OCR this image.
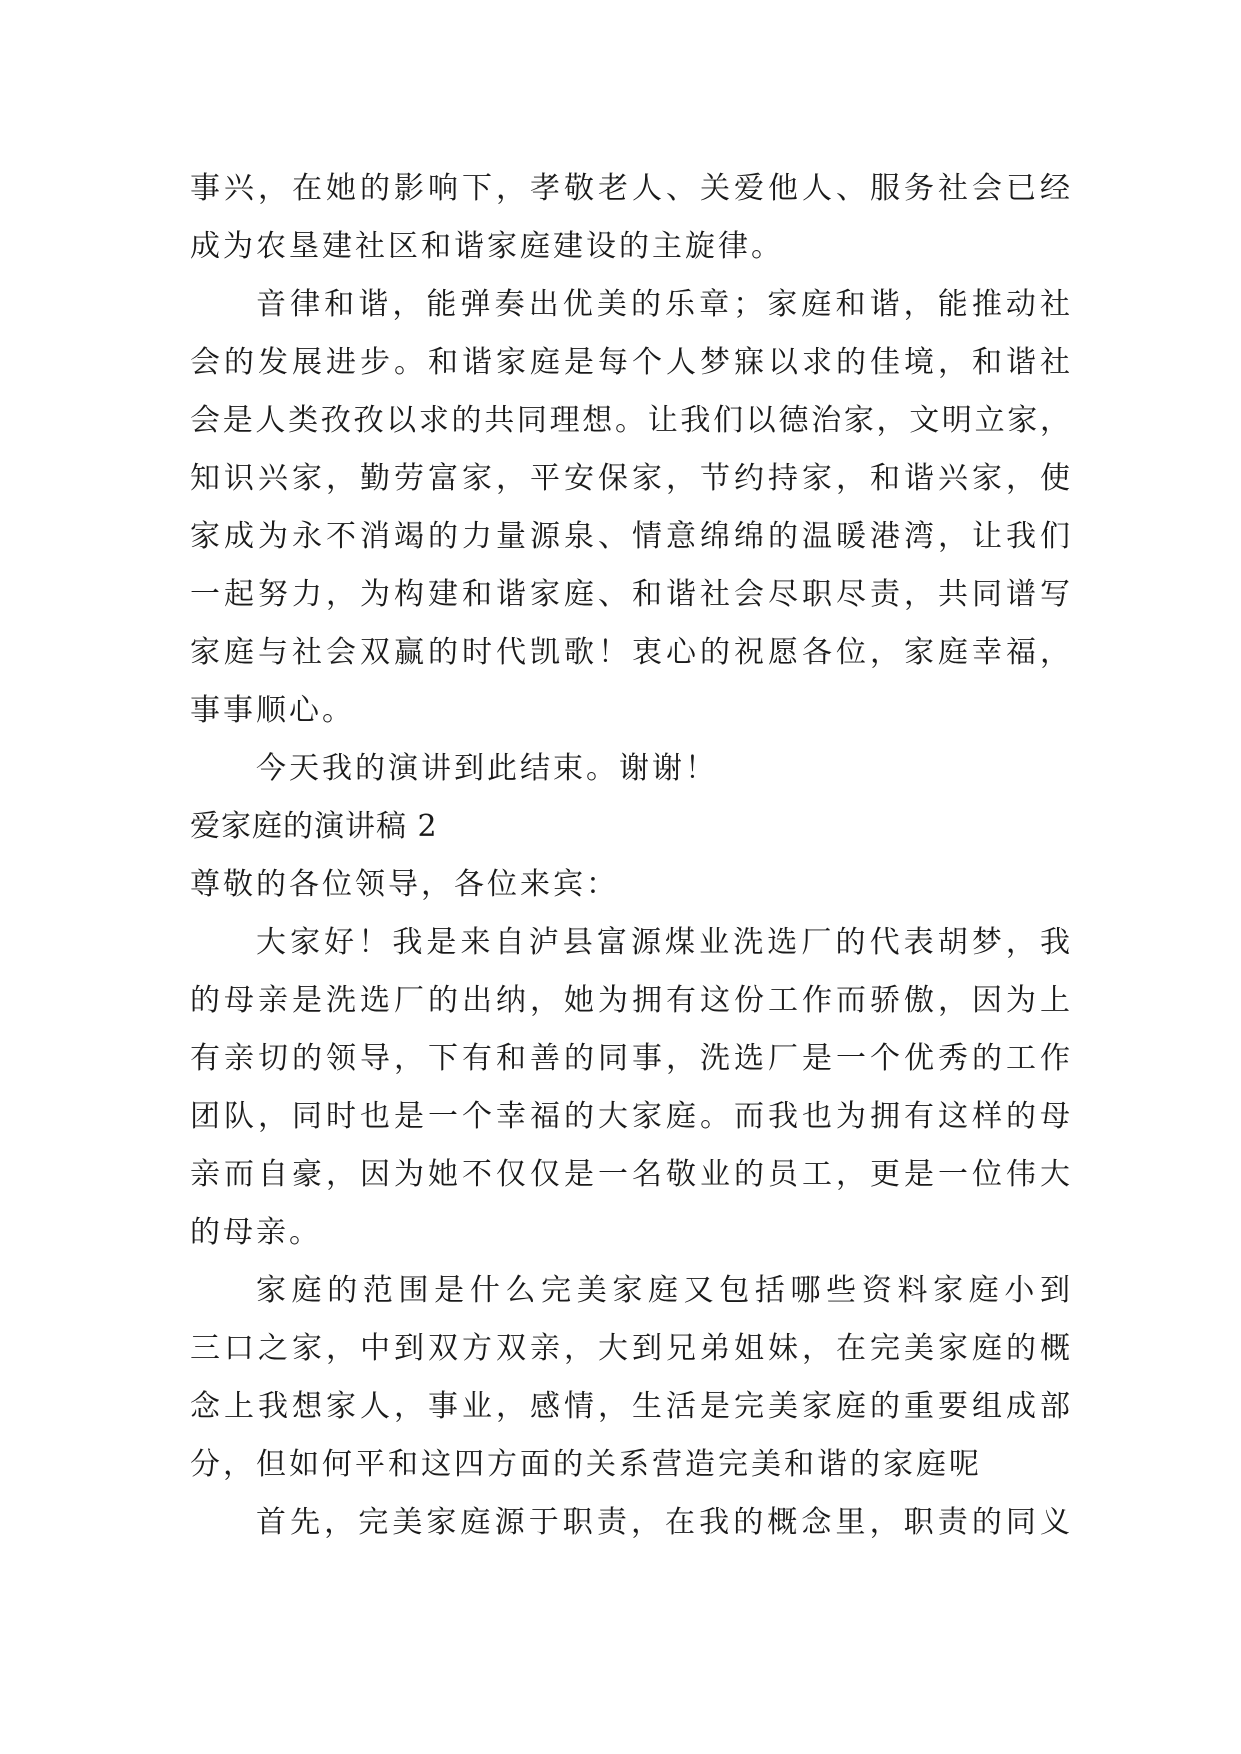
事兴，在她的影响下，孝敬老人、关爱他人、服务社会已经
成为农垦建社区和谐家庭建设的主旋律。
音律和谐，能弹奏出优美的乐章；家庭和谐，能推动社
会的发展进步。和谐家庭是每个人梦寐以求的佳境，和谐社
会是人类孜孜以求的共同理想。让我们以德治家，文明立家，
知识兴家，勤劳富家，平安保家，节约持家，和谐兴家，使
家成为永不消竭的力量源泉、情意绵绵的温暖港湾，让我们
一起努力，为构建和谐家庭、和谐社会尽职尽责，共同谱写
家庭与社会双赢的时代凯歌！衷心的祝愿各位，家庭幸福，
事事顺心。
今天我的演讲到此结束。谢谢！
爱家庭的演讲稿 2
尊敬的各位领导，各位来宾：
大家好！我是来自泸县富源煤业洗选厂的代表胡梦，我
的母亲是洗选厂的出纳，她为拥有这份工作而骄傲，因为上
有亲切的领导，下有和善的同事，洗选厂是一个优秀的工作
团队，同时也是一个幸福的大家庭。而我也为拥有这样的母
亲而自豪，因为她不仅仅是一名敬业的员工，更是一位伟大
的母亲。
家庭的范围是什么完美家庭又包括哪些资料家庭小到
三口之家，中到双方双亲，大到兄弟姐妹，在完美家庭的概
念上我想家人，事业，感情，生活是完美家庭的重要组成部
分，但如何平和这四方面的关系营造完美和谐的家庭呢
首先，完美家庭源于职责，在我的概念里，职责的同义
